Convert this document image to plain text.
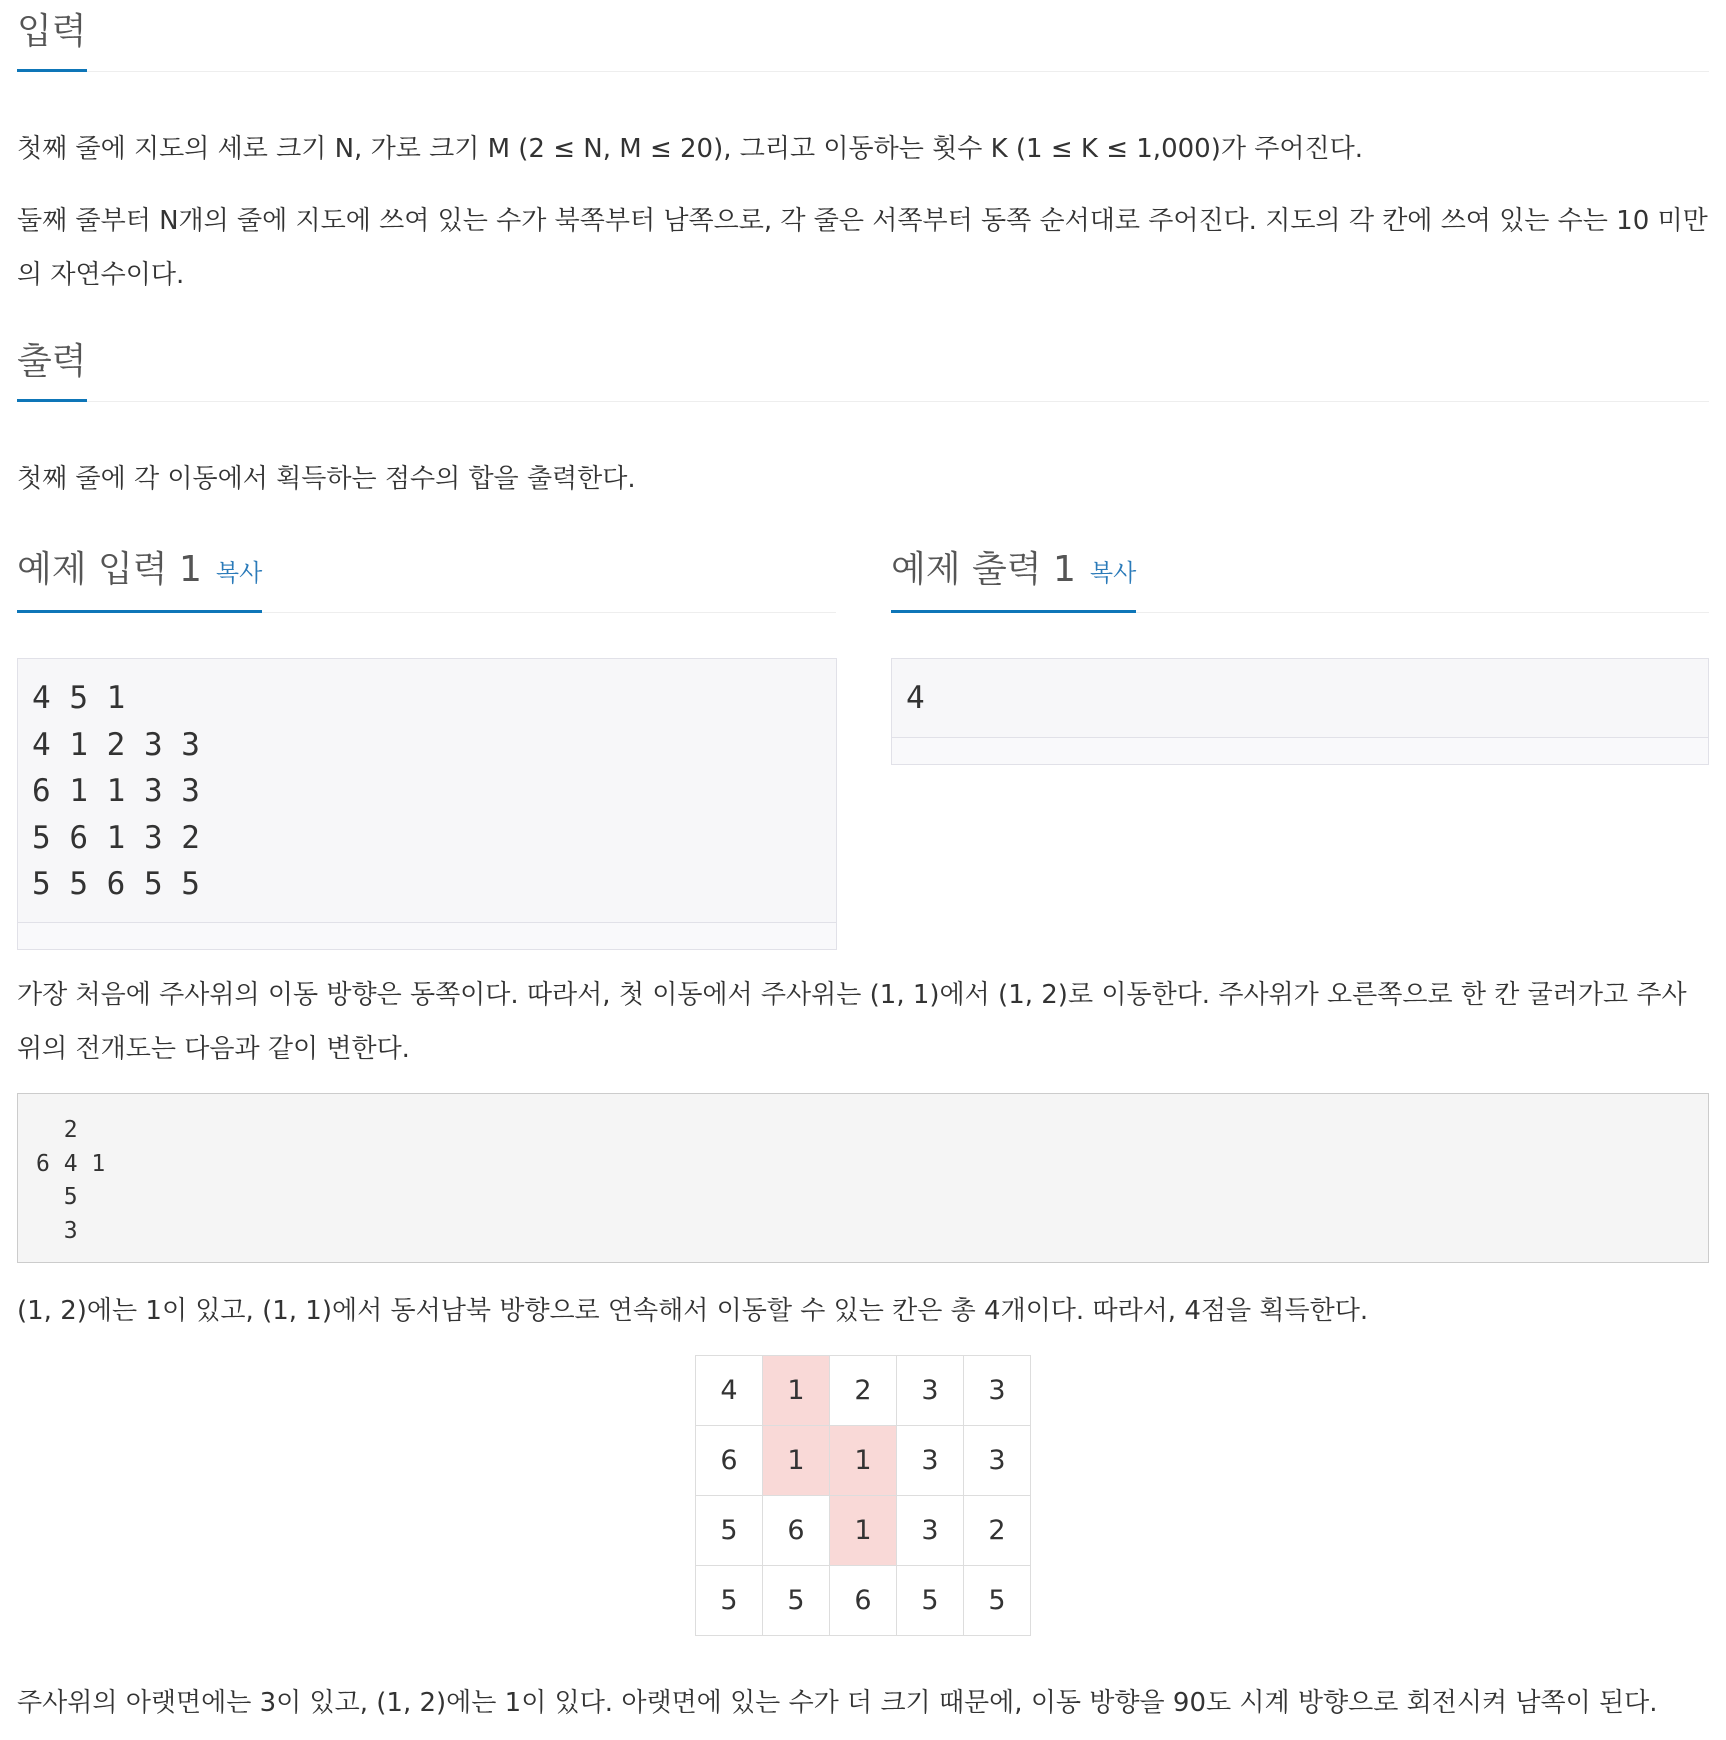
입력

첫째 줄에 지도의 세로 크기 N, 가로 크기 M (2 ≤ N, M ≤ 20), 그리고 이동하는 횟수 K (1 ≤ K ≤ 1,000)가 주어진다.

둘째 줄부터 N개의 줄에 지도에 쓰여 있는 수가 북쪽부터 남쪽으로, 각 줄은 서쪽부터 동쪽 순서대로 주어진다. 지도의 각 칸에 쓰여 있는 수는 10 미만의 자연수이다.

출력

첫째 줄에 각 이동에서 획득하는 점수의 합을 출력한다.

예제 입력 1 복사
4 5 1
4 1 2 3 3
6 1 1 3 3
5 6 1 3 2
5 5 6 5 5
예제 출력 1 복사
4

가장 처음에 주사위의 이동 방향은 동쪽이다. 따라서, 첫 이동에서 주사위는 (1, 1)에서 (1, 2)로 이동한다. 주사위가 오른쪽으로 한 칸 굴러가고 주사위의 전개도는 다음과 같이 변한다.

2
6 4 1
5
3

(1, 2)에는 1이 있고, (1, 1)에서 동서남북 방향으로 연속해서 이동할 수 있는 칸은 총 4개이다. 따라서, 4점을 획득한다.

4	1	2	3	3
6	1	1	3	3
5	6	1	3	2
5	5	6	5	5

주사위의 아랫면에는 3이 있고, (1, 2)에는 1이 있다. 아랫면에 있는 수가 더 크기 때문에, 이동 방향을 90도 시계 방향으로 회전시켜 남쪽이 된다.
